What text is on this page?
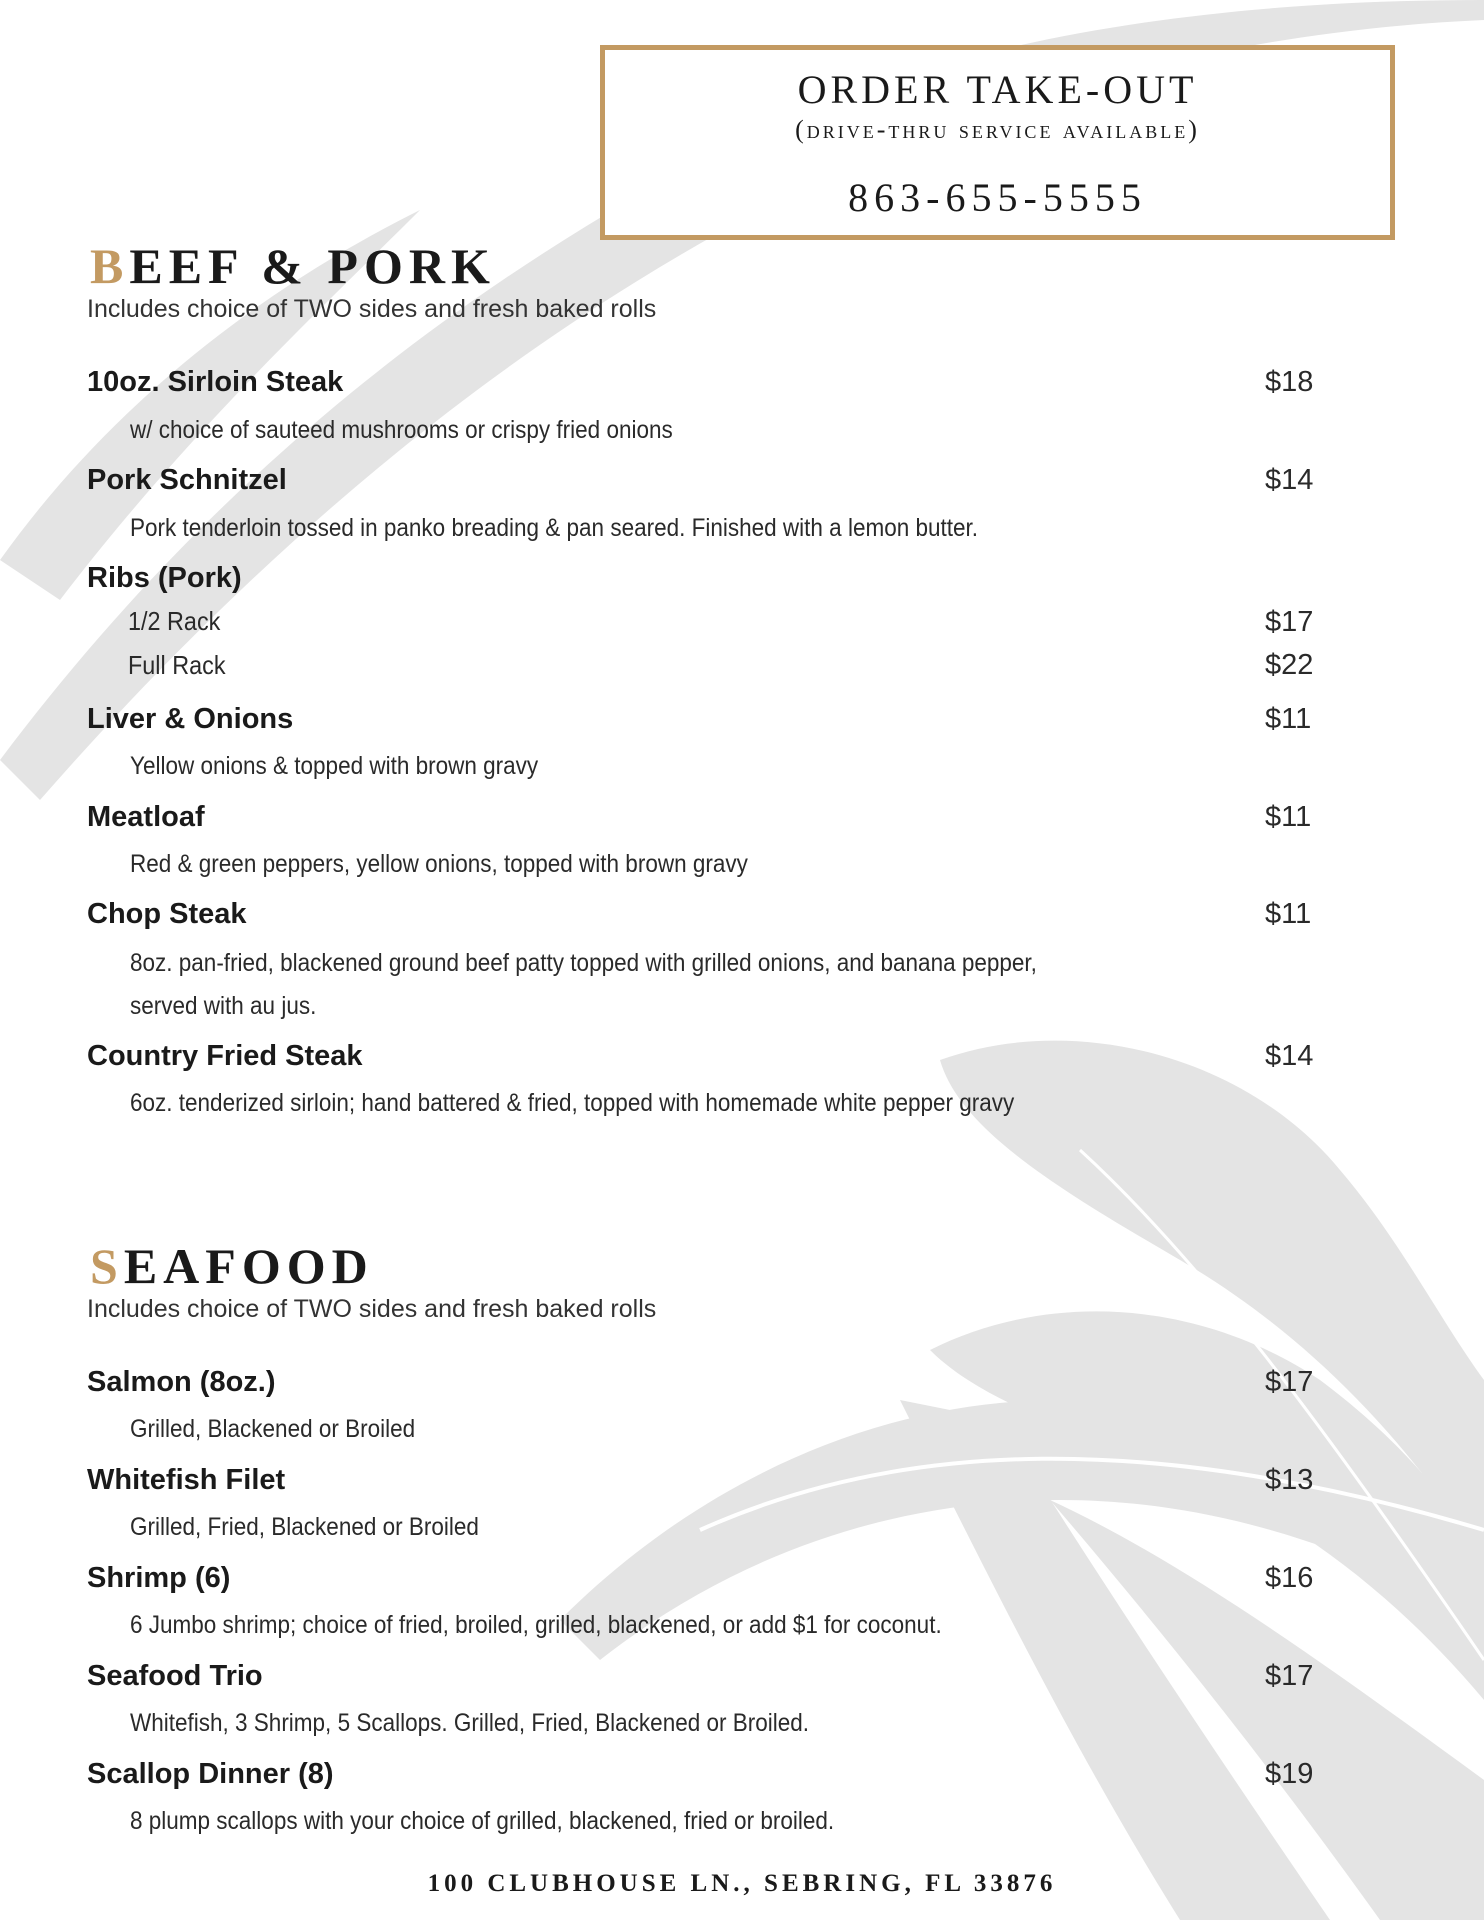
ORDER TAKE-OUT
(drive-thru service available)
863-655-5555
BEEF & PORK
Includes choice of TWO sides and fresh baked rolls
10oz. Sirloin Steak	$18
w/ choice of sauteed mushrooms or crispy fried onions
Pork Schnitzel	$14
Pork tenderloin tossed in panko breading & pan seared. Finished with a lemon butter.
Ribs (Pork)
1/2 Rack	$17
Full Rack	$22
Liver & Onions	$11
Yellow onions & topped with brown gravy
Meatloaf	$11
Red & green peppers, yellow onions, topped with brown gravy
Chop Steak	$11
8oz. pan-fried, blackened ground beef patty topped with grilled onions, and banana pepper,
served with au jus.
Country Fried Steak	$14
6oz. tenderized sirloin; hand battered & fried, topped with homemade white pepper gravy
SEAFOOD
Includes choice of TWO sides and fresh baked rolls
Salmon (8oz.)	$17
Grilled, Blackened or Broiled
Whitefish Filet	$13
Grilled, Fried, Blackened or Broiled
Shrimp (6)	$16
6 Jumbo shrimp; choice of fried, broiled, grilled, blackened, or add $1 for coconut.
Seafood Trio	$17
Whitefish, 3 Shrimp, 5 Scallops. Grilled, Fried, Blackened or Broiled.
Scallop Dinner (8)	$19
8 plump scallops with your choice of grilled, blackened, fried or broiled.
100 CLUBHOUSE LN., SEBRING, FL 33876
